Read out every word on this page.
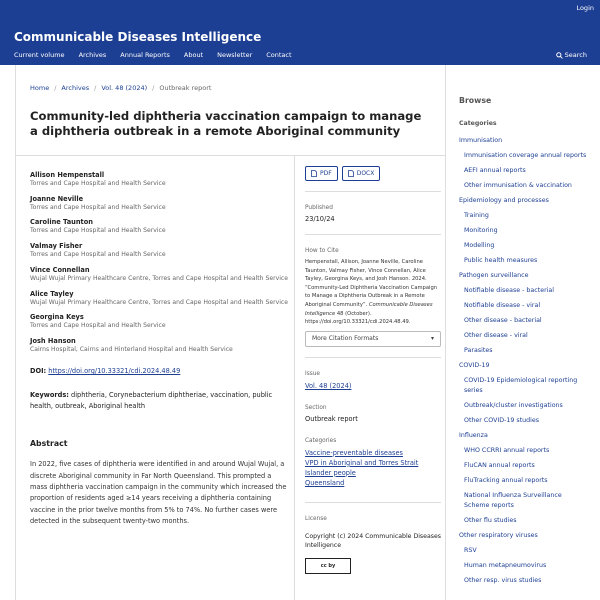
Login
Communicable Diseases Intelligence
Current volume Archives Annual Reports About Newsletter Contact	Search
Home / Archives / Vol. 48 (2024) / Outbreak report
Community-led diphtheria vaccination campaign to manage a diphtheria outbreak in a remote Aboriginal community
Allison Hempenstall
Torres and Cape Hospital and Health Service
Joanne Neville
Torres and Cape Hospital and Health Service
Caroline Taunton
Torres and Cape Hospital and Health Service
Valmay Fisher
Torres and Cape Hospital and Health Service
Vince Connellan
Wujal Wujal Primary Healthcare Centre, Torres and Cape Hospital and Health Service
Alice Tayley
Wujal Wujal Primary Healthcare Centre, Torres and Cape Hospital and Health Service
Georgina Keys
Torres and Cape Hospital and Health Service
Josh Hanson
Cairns Hospital, Cairns and Hinterland Hospital and Health Service
DOI: https://doi.org/10.33321/cdi.2024.48.49
Keywords: diphtheria, Corynebacterium diphtheriae, vaccination, public health, outbreak, Aboriginal health
Abstract
In 2022, five cases of diphtheria were identified in and around Wujal Wujal, a discrete Aboriginal community in Far North Queensland. This prompted a mass diphtheria vaccination campaign in the community which increased the proportion of residents aged ≥14 years receiving a diphtheria containing vaccine in the prior twelve months from 5% to 74%. No further cases were detected in the subsequent twenty-two months.
PDF	DOCX
Published
23/10/24
How to Cite
Hempenstall, Allison, Joanne Neville, Caroline Taunton, Valmay Fisher, Vince Connellan, Alice Tayley, Georgina Keys, and Josh Hanson. 2024. “Community-Led Diphtheria Vaccination Campaign to Manage a Diphtheria Outbreak in a Remote Aboriginal Community”. Communicable Diseases Intelligence 48 (October). https://doi.org/10.33321/cdi.2024.48.49.
More Citation Formats	▾
Issue
Vol. 48 (2024)
Section
Outbreak report
Categories
Vaccine-preventable diseases
VPD in Aboriginal and Torres Strait Islander people
Queensland
License
Copyright (c) 2024 Communicable Diseases Intelligence
cc by
Browse
Categories
Immunisation
Immunisation coverage annual reports
AEFI annual reports
Other immunisation & vaccination
Epidemiology and processes
Training
Monitoring
Modelling
Public health measures
Pathogen surveillance
Notifiable disease - bacterial
Notifiable disease - viral
Other disease - bacterial
Other disease - viral
Parasites
COVID-19
COVID-19 Epidemiological reporting series
Outbreak/cluster investigations
Other COVID-19 studies
Influenza
WHO CCRRI annual reports
FluCAN annual reports
FluTracking annual reports
National Influenza Surveillance Scheme reports
Other flu studies
Other respiratory viruses
RSV
Human metapneumovirus
Other resp. virus studies
